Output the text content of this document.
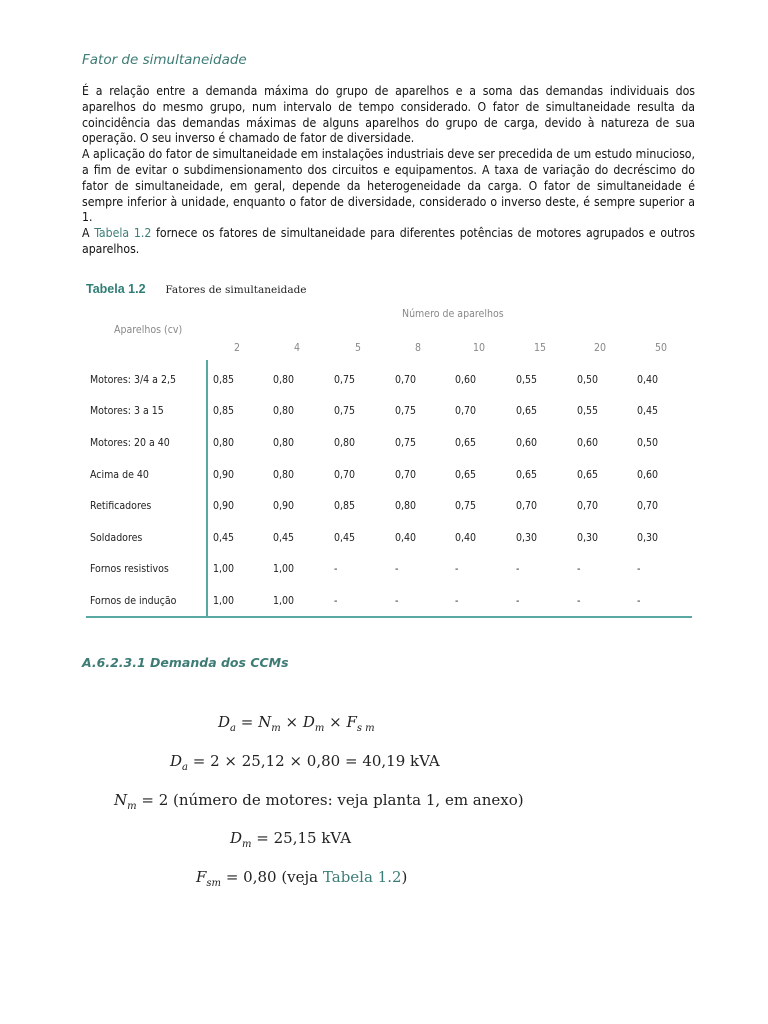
Fator de simultaneidade

É a relação entre a demanda máxima do grupo de aparelhos e a soma das demandas individuais dos aparelhos do mesmo grupo, num intervalo de tempo considerado. O fator de simultaneidade resulta da coincidência das demandas máximas de alguns aparelhos do grupo de carga, devido à natureza de sua operação. O seu inverso é chamado de fator de diversidade.

A aplicação do fator de simultaneidade em instalações industriais deve ser precedida de um estudo minucioso, a fim de evitar o subdimensionamento dos circuitos e equipamentos. A taxa de variação do decréscimo do fator de simultaneidade, em geral, depende da heterogeneidade da carga. O fator de simultaneidade é sempre inferior à unidade, enquanto o fator de diversidade, considerado o inverso deste, é sempre superior a 1.

A Tabela 1.2 fornece os fatores de simultaneidade para diferentes potências de motores agrupados e outros aparelhos.

Tabela 1.2 Fatores de simultaneidade
Aparelhos (cv)
Número de aparelhos
2	4	5	8	10	15	20	50
Motores: 3/4 a 2,5	0,85	0,80	0,75	0,70	0,60	0,55	0,50	0,40
Motores: 3 a 15	0,85	0,80	0,75	0,75	0,70	0,65	0,55	0,45
Motores: 20 a 40	0,80	0,80	0,80	0,75	0,65	0,60	0,60	0,50
Acima de 40	0,90	0,80	0,70	0,70	0,65	0,65	0,65	0,60
Retificadores	0,90	0,90	0,85	0,80	0,75	0,70	0,70	0,70
Soldadores	0,45	0,45	0,45	0,40	0,40	0,30	0,30	0,30
Fornos resistivos	1,00	1,00	-	-	-	-	-	-
Fornos de indução	1,00	1,00	-	-	-	-	-	-
A.6.2.3.1 Demanda dos CCMs
$D_a = N_m \times D_m \times F_{s m}$
$D_a = 2 \times 25,12 \times 0,80 = 40,19$ kVA
$N_m = 2$ (número de motores: veja planta 1, em anexo)
$D_m = 25,15$ kVA
$F_{sm} = 0,80$ (veja Tabela 1.2)
